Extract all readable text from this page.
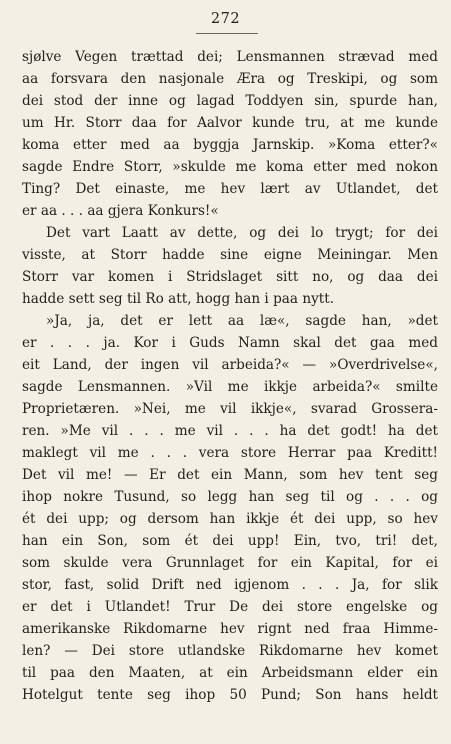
272
sjølve Vegen trættad dei; Lensmannen strævad med
aa forsvara den nasjonale Æra og Treskipi, og som
dei stod der inne og lagad Toddyen sin, spurde han,
um Hr. Storr daa for Aalvor kunde tru, at me kunde
koma etter med aa byggja Jarnskip. »Koma etter?«
sagde Endre Storr, »skulde me koma etter med nokon
Ting? Det einaste, me hev lært av Utlandet, det
er aa . . . aa gjera Konkurs!«
Det vart Laatt av dette, og dei lo trygt; for dei
visste, at Storr hadde sine eigne Meiningar. Men
Storr var komen i Stridslaget sitt no, og daa dei
hadde sett seg til Ro att, hogg han i paa nytt.
»Ja, ja, det er lett aa læ«, sagde han, »det
er . . . ja. Kor i Guds Namn skal det gaa med
eit Land, der ingen vil arbeida?« — »Overdrivelse«,
sagde Lensmannen. »Vil me ikkje arbeida?« smilte
Proprietæren. »Nei, me vil ikkje«, svarad Grossera-
ren. »Me vil . . . me vil . . . ha det godt! ha det
maklegt vil me . . . vera store Herrar paa Kreditt!
Det vil me! — Er det ein Mann, som hev tent seg
ihop nokre Tusund, so legg han seg til og . . . og
ét dei upp; og dersom han ikkje ét dei upp, so hev
han ein Son, som ét dei upp! Ein, tvo, tri! det,
som skulde vera Grunnlaget for ein Kapital, for ei
stor, fast, solid Drift ned igjenom . . . Ja, for slik
er det i Utlandet! Trur De dei store engelske og
amerikanske Rikdomarne hev rignt ned fraa Himme-
len? — Dei store utlandske Rikdomarne hev komet
til paa den Maaten, at ein Arbeidsmann elder ein
Hotelgut tente seg ihop 50 Pund; Son hans heldt
